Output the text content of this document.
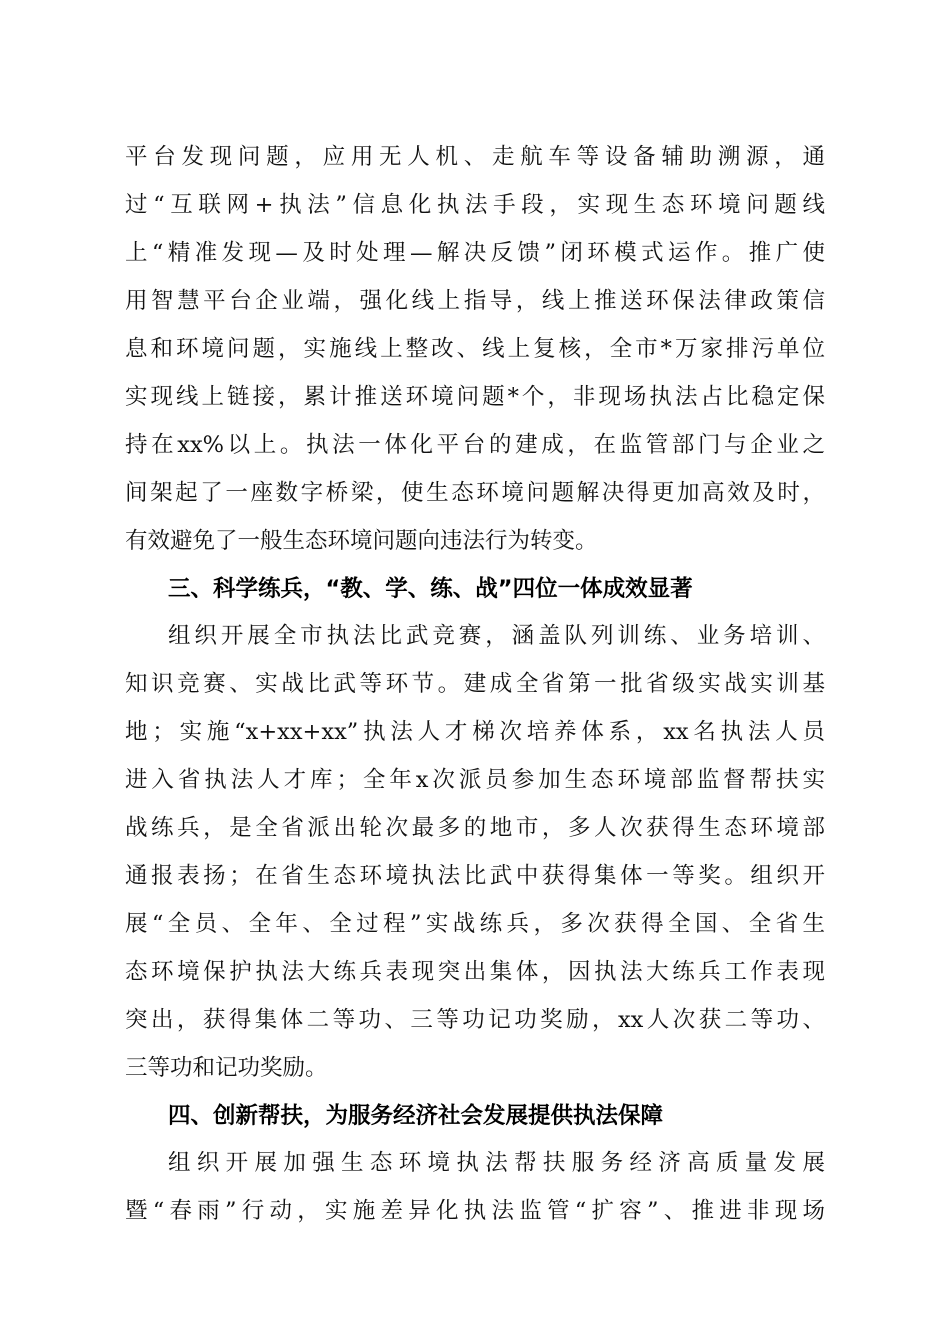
平台发现问题，应用无人机、走航车等设备辅助溯源，通
过“互联网+执法”信息化执法手段，实现生态环境问题线
上“精准发现—及时处理—解决反馈”闭环模式运作。推广使
用智慧平台企业端，强化线上指导，线上推送环保法律政策信
息和环境问题，实施线上整改、线上复核，全市*万家排污单位
实现线上链接，累计推送环境问题*个，非现场执法占比稳定保
持在xx%以上。执法一体化平台的建成，在监管部门与企业之
间架起了一座数字桥梁，使生态环境问题解决得更加高效及时，
有效避免了一般生态环境问题向违法行为转变。
三、科学练兵，“教、学、练、战”四位一体成效显著
组织开展全市执法比武竞赛，涵盖队列训练、业务培训、
知识竞赛、实战比武等环节。建成全省第一批省级实战实训基
地；实施“x+xx+xx”执法人才梯次培养体系，xx名执法人员
进入省执法人才库；全年x次派员参加生态环境部监督帮扶实
战练兵，是全省派出轮次最多的地市，多人次获得生态环境部
通报表扬；在省生态环境执法比武中获得集体一等奖。组织开
展“全员、全年、全过程”实战练兵，多次获得全国、全省生
态环境保护执法大练兵表现突出集体，因执法大练兵工作表现
突出，获得集体二等功、三等功记功奖励，xx人次获二等功、
三等功和记功奖励。
四、创新帮扶，为服务经济社会发展提供执法保障
组织开展加强生态环境执法帮扶服务经济高质量发展
暨“春雨”行动，实施差异化执法监管“扩容”、推进非现场
